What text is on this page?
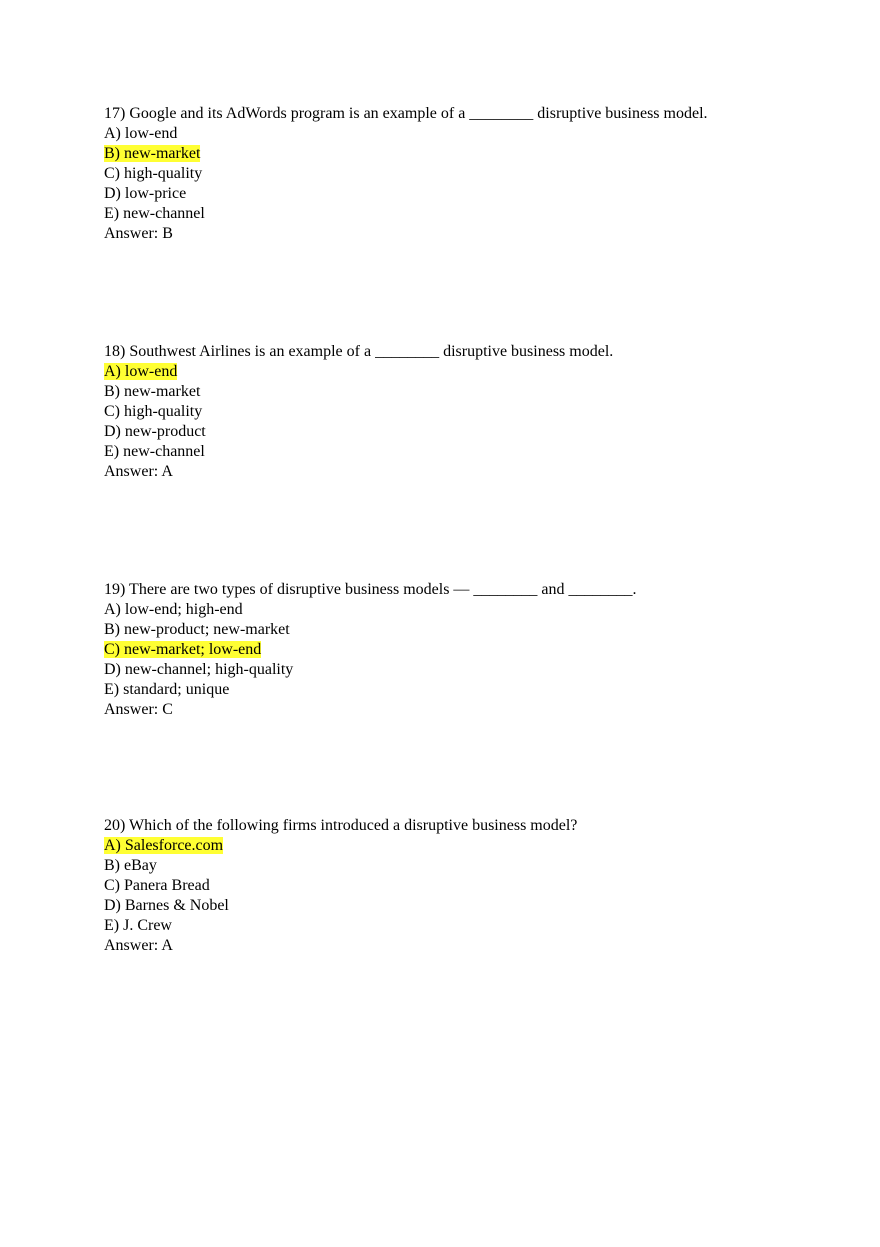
17) Google and its AdWords program is an example of a ________ disruptive business model.
A) low-end
B) new-market
C) high-quality
D) low-price
E) new-channel
Answer: B
18) Southwest Airlines is an example of a ________ disruptive business model.
A) low-end
B) new-market
C) high-quality
D) new-product
E) new-channel
Answer: A
19) There are two types of disruptive business models — ________ and ________.
A) low-end; high-end
B) new-product; new-market
C) new-market; low-end
D) new-channel; high-quality
E) standard; unique
Answer: C
20) Which of the following firms introduced a disruptive business model?
A) Salesforce.com
B) eBay
C) Panera Bread
D) Barnes & Nobel
E) J. Crew
Answer: A
